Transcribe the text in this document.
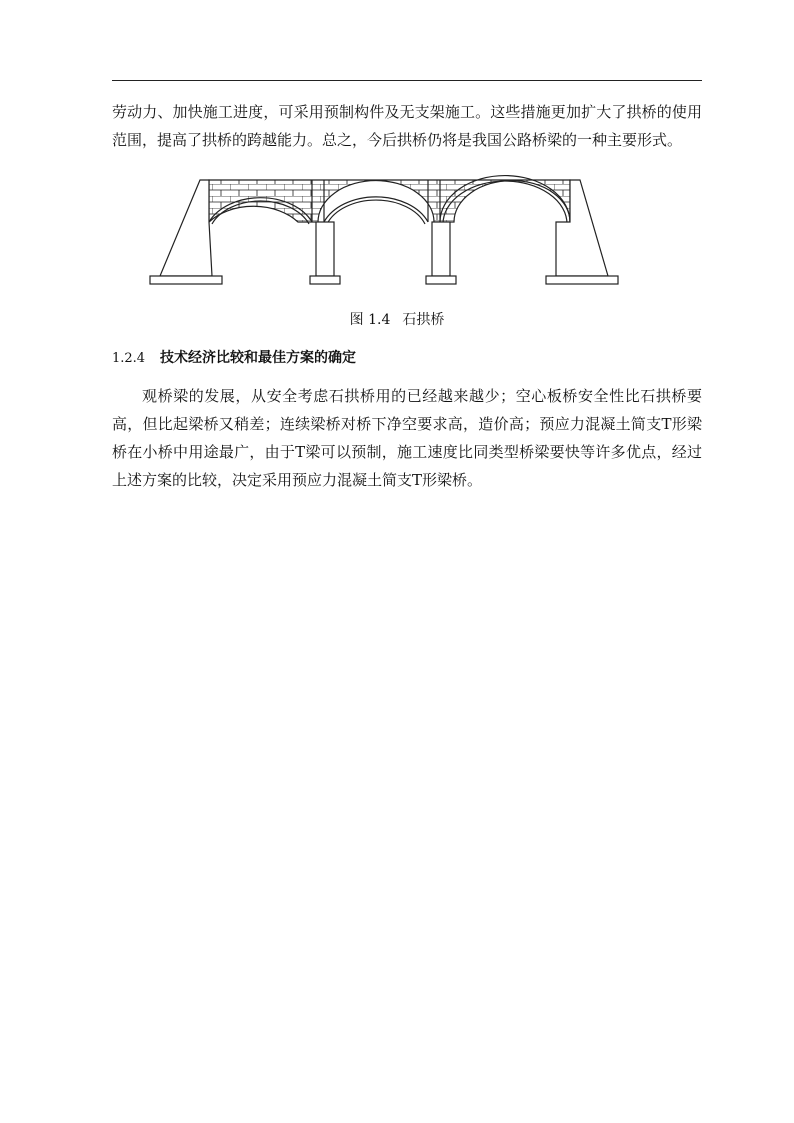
劳动力、加快施工进度，可采用预制构件及无支架施工。这些措施更加扩大了拱桥的使用范围，提高了拱桥的跨越能力。总之，今后拱桥仍将是我国公路桥梁的一种主要形式。

图 1.4 石拱桥
1.2.4 技术经济比较和最佳方案的确定

观桥梁的发展，从安全考虑石拱桥用的已经越来越少；空心板桥安全性比石拱桥要高，但比起梁桥又稍差；连续梁桥对桥下净空要求高，造价高；预应力混凝土简支T形梁桥在小桥中用途最广，由于T梁可以预制，施工速度比同类型桥梁要快等许多优点，经过上述方案的比较，决定采用预应力混凝土简支T形梁桥。
